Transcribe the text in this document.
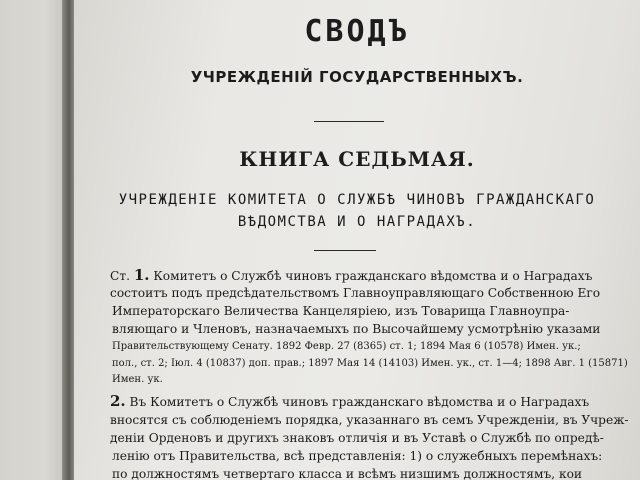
СВОДЪ
УЧРЕЖДЕНІЙ ГОСУДАРСТВЕННЫХЪ.
КНИГА СЕДЬМАЯ.
УЧРЕЖДЕНІЕ КОМИТЕТА О СЛУЖБѢ ЧИНОВЪ ГРАЖДАНСКАГО
ВѢДОМСТВА И О НАГРАДАХЪ.
Ст. 1. Комитетъ о Службѣ чиновъ гражданскаго вѣдомства и о Наградахъ
состоитъ подъ предсѣдательствомъ Главноуправляющаго Собственною Его
Императорскаго Величества Канцеляріею, изъ Товарища Главноупра-
вляющаго и Членовъ, назначаемыхъ по Высочайшему усмотрѣнію указами
Правительствующему Сенату. 1892 Февр. 27 (8365) ст. 1; 1894 Мая 6 (10578) Имен. ук.;
пол., ст. 2; Іюл. 4 (10837) доп. прав.; 1897 Мая 14 (14103) Имен. ук., ст. 1—4; 1898 Авг. 1 (15871)
Имен. ук.
2. Въ Комитетъ о Службѣ чиновъ гражданскаго вѣдомства и о Наградахъ
вносятся съ соблюденіемъ порядка, указаннаго въ семъ Учрежденіи, въ Учреж-
деніи Орденовъ и другихъ знаковъ отличія и въ Уставѣ о Службѣ по опредѣ-
ленію отъ Правительства, всѣ представленія: 1) о служебныхъ перемѣнахъ:
по должностямъ четвертаго класса и всѣмъ низшимъ должностямъ, кои
